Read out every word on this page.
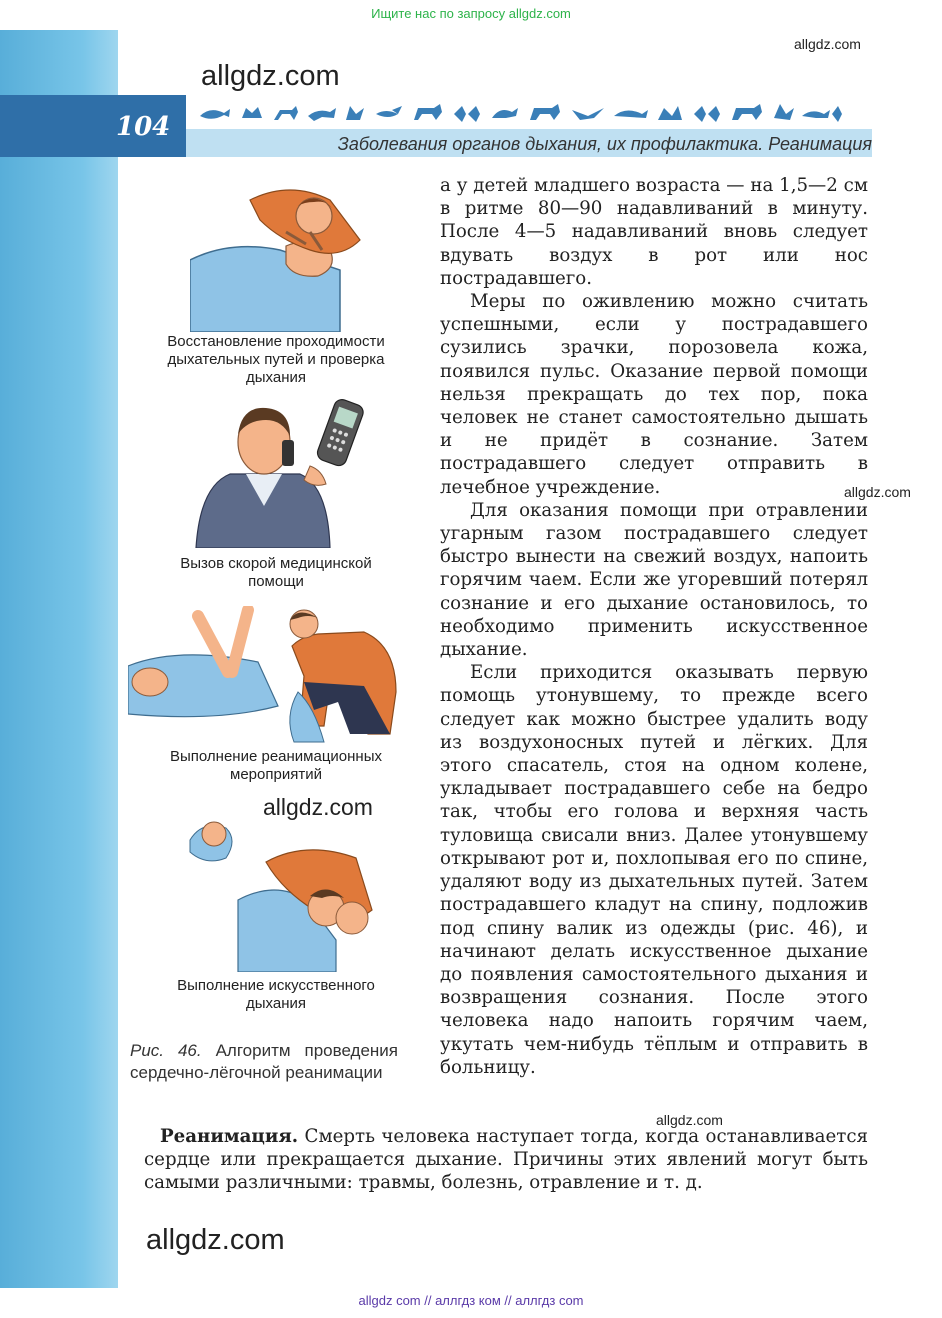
Ищите нас по запросу allgdz.com
104
Заболевания органов дыхания, их профилактика. Реанимация
allgdz.com
allgdz.com
Восстановление проходимости дыхательных путей и проверка дыхания
Вызов скорой медицинской помощи
Выполнение реанимационных мероприятий
allgdz.com
Выполнение искусственного дыхания
Рис. 46. Алгоритм проведения сердечно-лёгочной реанимации

а у детей младшего возраста — на 1,5—2 см в ритме 80—90 надавливаний в минуту. После 4—5 надавливаний вновь следует вдувать воздух в рот или нос пострадавшего.

Меры по оживлению можно считать успешными, если у пострадавшего сузились зрачки, порозовела кожа, появился пульс. Оказание первой помощи нельзя прекращать до тех пор, пока человек не станет самостоятельно дышать и не придёт в сознание. Затем пострадавшего следует отправить в лечебное учреждение.

Для оказания помощи при отравлении угарным газом пострадавшего следует быстро вынести на свежий воздух, напоить горячим чаем. Если же угоревший потерял сознание и его дыхание остановилось, то необходимо применить искусственное дыхание.

Если приходится оказывать первую помощь утонувшему, то прежде всего следует как можно быстрее удалить воду из воздухоносных путей и лёгких. Для этого спасатель, стоя на одном колене, укладывает пострадавшего себе на бедро так, чтобы его голова и верхняя часть туловища свисали вниз. Далее утонувшему открывают рот и, похлопывая его по спине, удаляют воду из дыхательных путей. Затем пострадавшего кладут на спину, подложив под спину валик из одежды (рис. 46), и начинают делать искусственное дыхание до появления самостоятельного дыхания и возвращения сознания. После этого человека надо напоить горячим чаем, укутать чем-нибудь тёплым и отправить в больницу.

allgdz.com
allgdz.com

Реанимация. Смерть человека наступает тогда, когда останавливается сердце или прекращается дыхание. Причины этих явлений могут быть самыми различными: травмы, болезнь, отравление и т. д.

allgdz.com
allgdz com // аллгдз ком // аллгдз com
